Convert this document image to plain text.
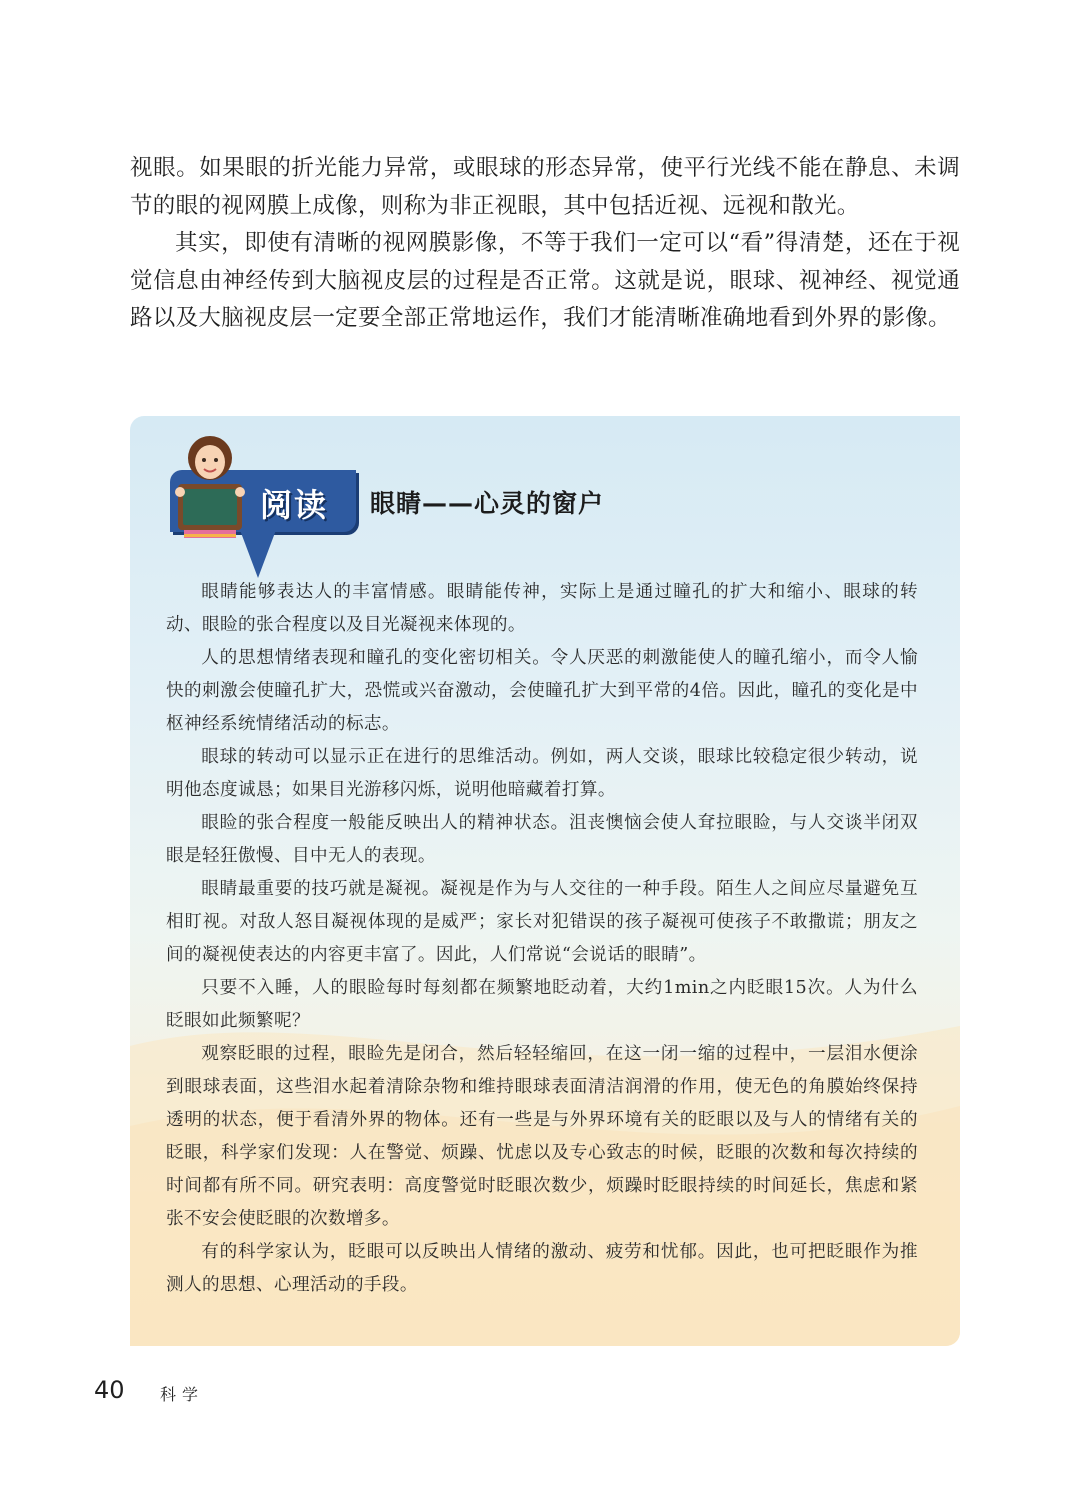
视眼。如果眼的折光能力异常，或眼球的形态异常，使平行光线不能在静息、未调节的眼的视网膜上成像，则称为非正视眼，其中包括近视、远视和散光。

其实，即使有清晰的视网膜影像，不等于我们一定可以“看”得清楚，还在于视觉信息由神经传到大脑视皮层的过程是否正常。这就是说，眼球、视神经、视觉通路以及大脑视皮层一定要全部正常地运作，我们才能清晰准确地看到外界的影像。

阅读 眼睛——心灵的窗户

眼睛能够表达人的丰富情感。眼睛能传神，实际上是通过瞳孔的扩大和缩小、眼球的转动、眼睑的张合程度以及目光凝视来体现的。

人的思想情绪表现和瞳孔的变化密切相关。令人厌恶的刺激能使人的瞳孔缩小，而令人愉快的刺激会使瞳孔扩大，恐慌或兴奋激动，会使瞳孔扩大到平常的4倍。因此，瞳孔的变化是中枢神经系统情绪活动的标志。

眼球的转动可以显示正在进行的思维活动。例如，两人交谈，眼球比较稳定很少转动，说明他态度诚恳；如果目光游移闪烁，说明他暗藏着打算。

眼睑的张合程度一般能反映出人的精神状态。沮丧懊恼会使人耷拉眼睑，与人交谈半闭双眼是轻狂傲慢、目中无人的表现。

眼睛最重要的技巧就是凝视。凝视是作为与人交往的一种手段。陌生人之间应尽量避免互相盯视。对敌人怒目凝视体现的是威严；家长对犯错误的孩子凝视可使孩子不敢撒谎；朋友之间的凝视使表达的内容更丰富了。因此，人们常说“会说话的眼睛”。

只要不入睡，人的眼睑每时每刻都在频繁地眨动着，大约1min之内眨眼15次。人为什么眨眼如此频繁呢？

观察眨眼的过程，眼睑先是闭合，然后轻轻缩回，在这一闭一缩的过程中，一层泪水便涂到眼球表面，这些泪水起着清除杂物和维持眼球表面清洁润滑的作用，使无色的角膜始终保持透明的状态，便于看清外界的物体。还有一些是与外界环境有关的眨眼以及与人的情绪有关的眨眼，科学家们发现：人在警觉、烦躁、忧虑以及专心致志的时候，眨眼的次数和每次持续的时间都有所不同。研究表明：高度警觉时眨眼次数少，烦躁时眨眼持续的时间延长，焦虑和紧张不安会使眨眼的次数增多。

有的科学家认为，眨眼可以反映出人情绪的激动、疲劳和忧郁。因此，也可把眨眼作为推测人的思想、心理活动的手段。

40 科学
